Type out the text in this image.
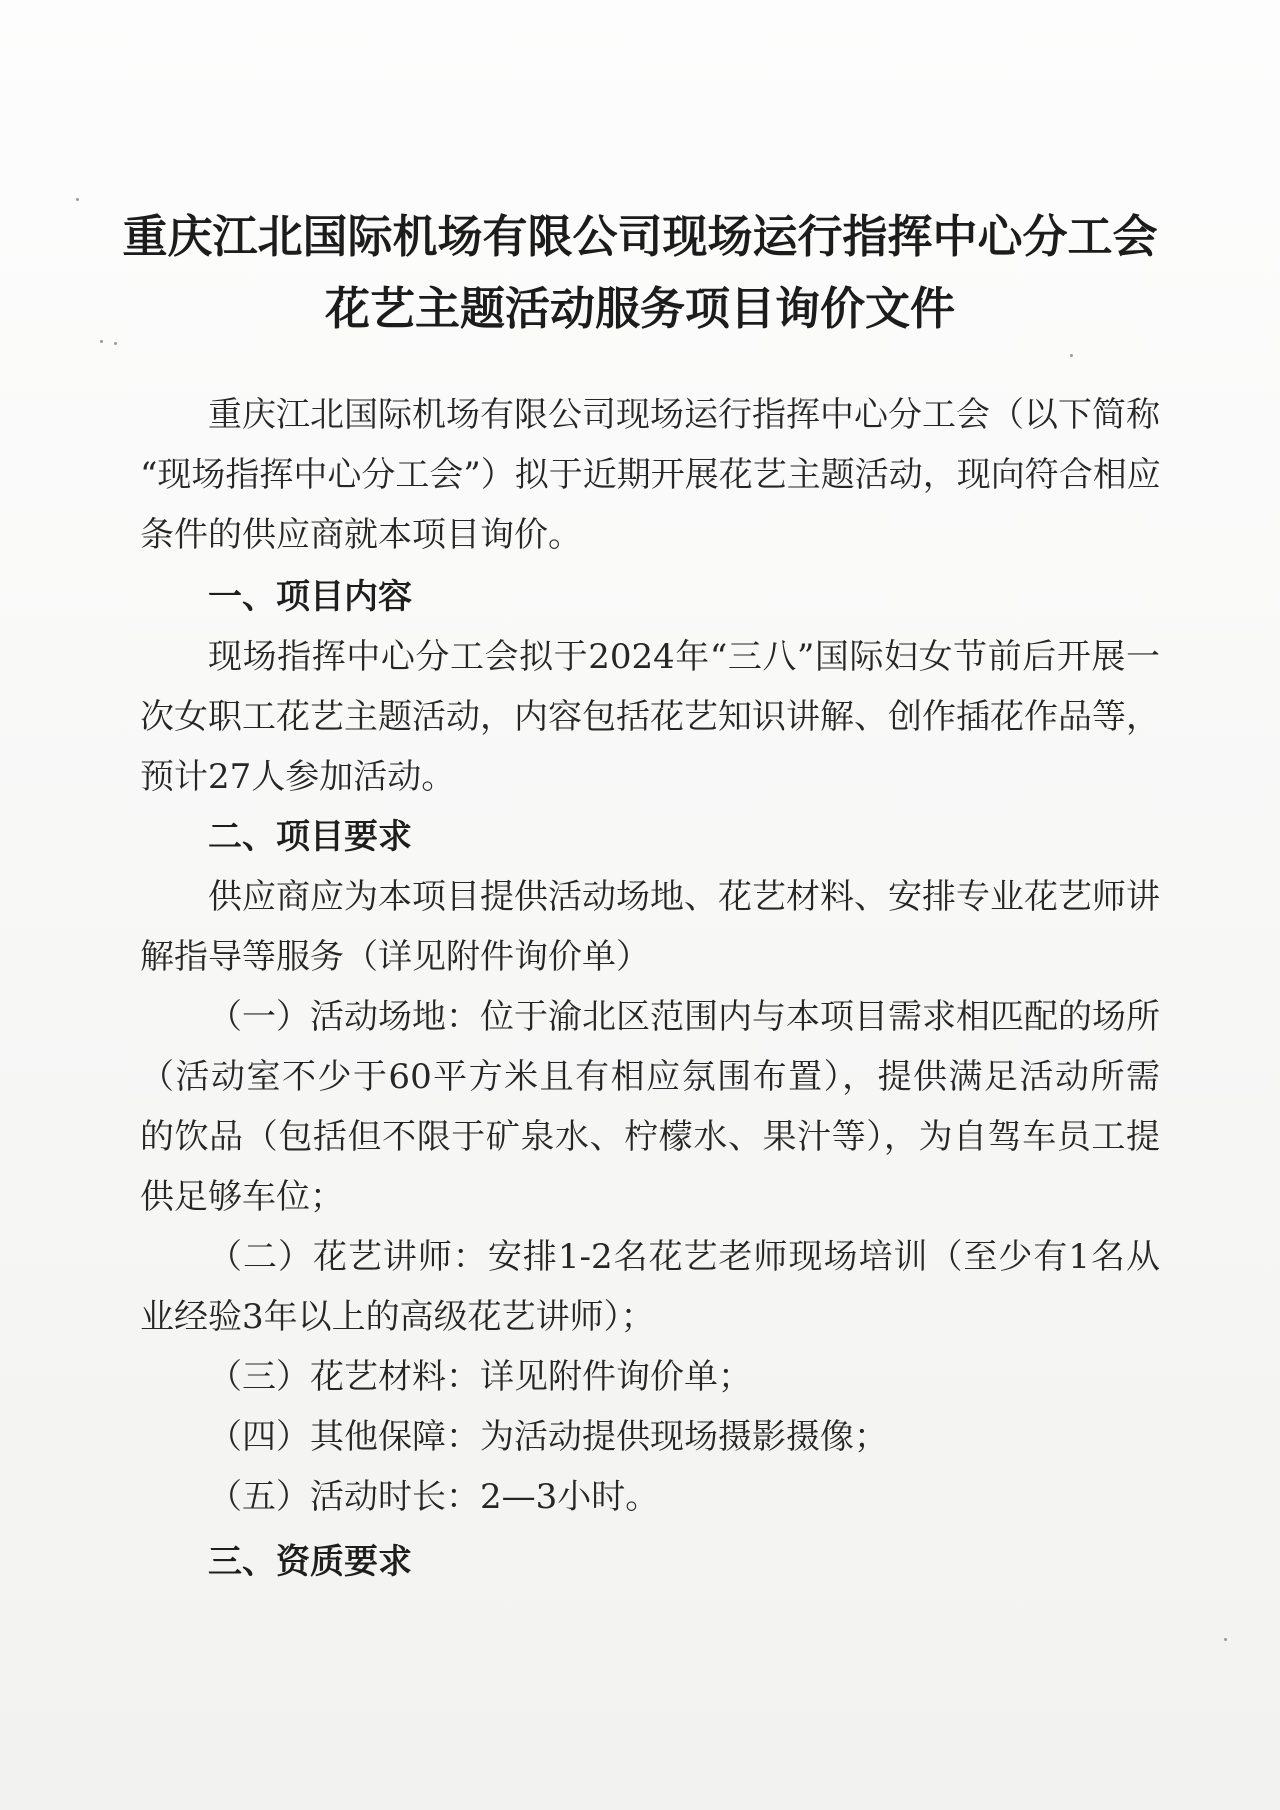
重庆江北国际机场有限公司现场运行指挥中心分工会
花艺主题活动服务项目询价文件
重庆江北国际机场有限公司现场运行指挥中心分工会（以下简称
“现场指挥中心分工会”）拟于近期开展花艺主题活动，现向符合相应
条件的供应商就本项目询价。
一、项目内容
现场指挥中心分工会拟于2024年“三八”国际妇女节前后开展一
次女职工花艺主题活动，内容包括花艺知识讲解、创作插花作品等，
预计27人参加活动。
二、项目要求
供应商应为本项目提供活动场地、花艺材料、安排专业花艺师讲
解指导等服务（详见附件询价单）
（一）活动场地：位于渝北区范围内与本项目需求相匹配的场所
（活动室不少于60平方米且有相应氛围布置），提供满足活动所需
的饮品（包括但不限于矿泉水、柠檬水、果汁等），为自驾车员工提
供足够车位；
（二）花艺讲师：安排1-2名花艺老师现场培训（至少有1名从
业经验3年以上的高级花艺讲师）；
（三）花艺材料：详见附件询价单；
（四）其他保障：为活动提供现场摄影摄像；
（五）活动时长：2—3小时。
三、资质要求
